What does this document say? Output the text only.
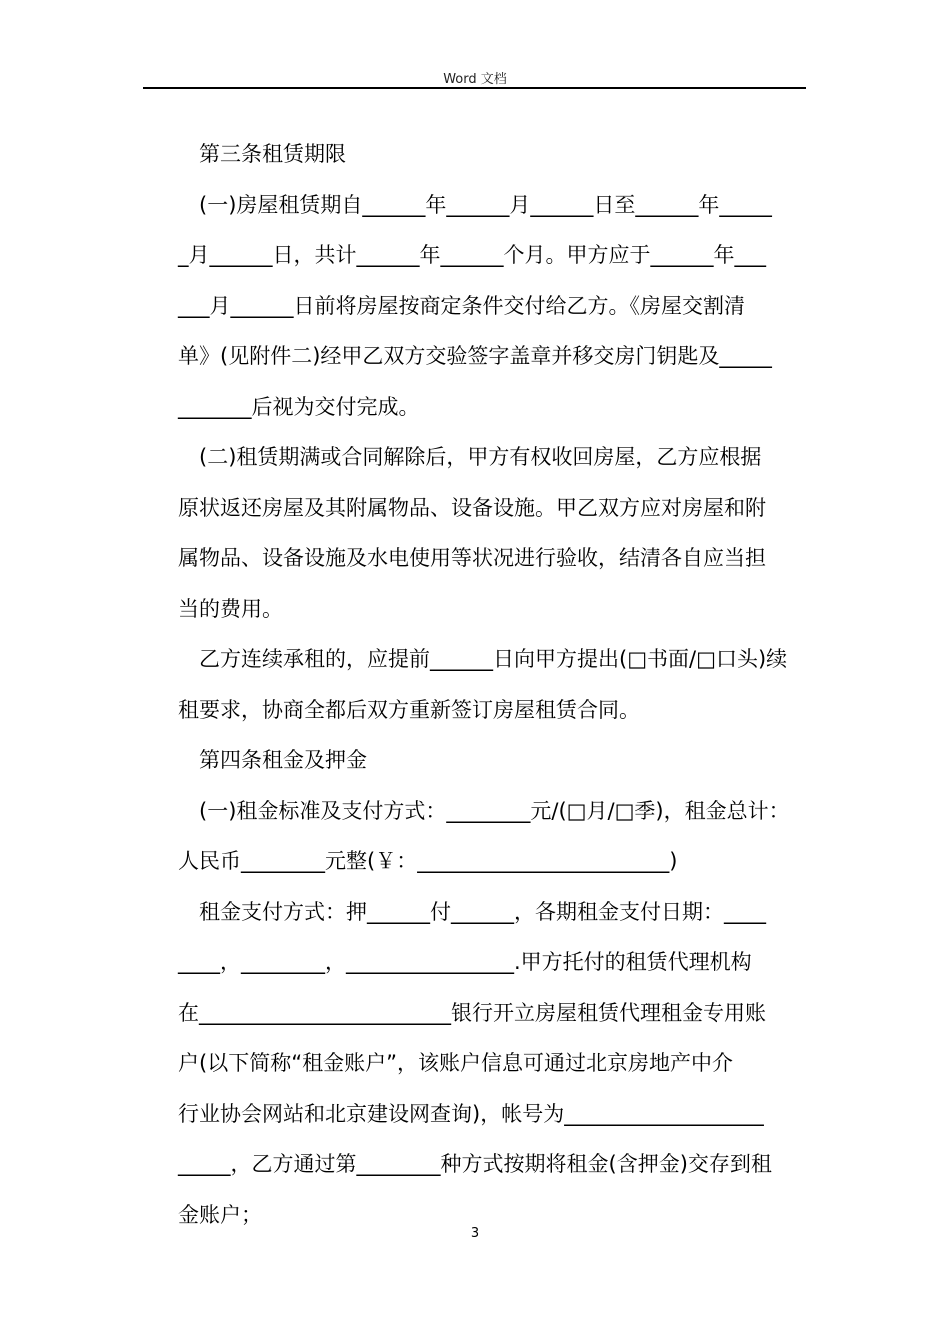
Word 文档
第三条租赁期限
(一)房屋租赁期自______年______月______日至______年_____
_月______日，共计______年______个月。甲方应于______年___
___月______日前将房屋按商定条件交付给乙方。《房屋交割清
单》(见附件二)经甲乙双方交验签字盖章并移交房门钥匙及_____
_______后视为交付完成。
(二)租赁期满或合同解除后，甲方有权收回房屋，乙方应根据
原状返还房屋及其附属物品、设备设施。甲乙双方应对房屋和附
属物品、设备设施及水电使用等状况进行验收，结清各自应当担
当的费用。
乙方连续承租的，应提前______日向甲方提出(□书面/□口头)续
租要求，协商全都后双方重新签订房屋租赁合同。
第四条租金及押金
(一)租金标准及支付方式：________元/(□月/□季)，租金总计：
人民币________元整(￥：________________________)
租金支付方式：押______付______，各期租金支付日期：____
____，________，________________.甲方托付的租赁代理机构
在________________________银行开立房屋租赁代理租金专用账
户(以下简称“租金账户”，该账户信息可通过北京房地产中介
行业协会网站和北京建设网查询)，帐号为___________________
_____，乙方通过第________种方式按期将租金(含押金)交存到租
金账户；
3
